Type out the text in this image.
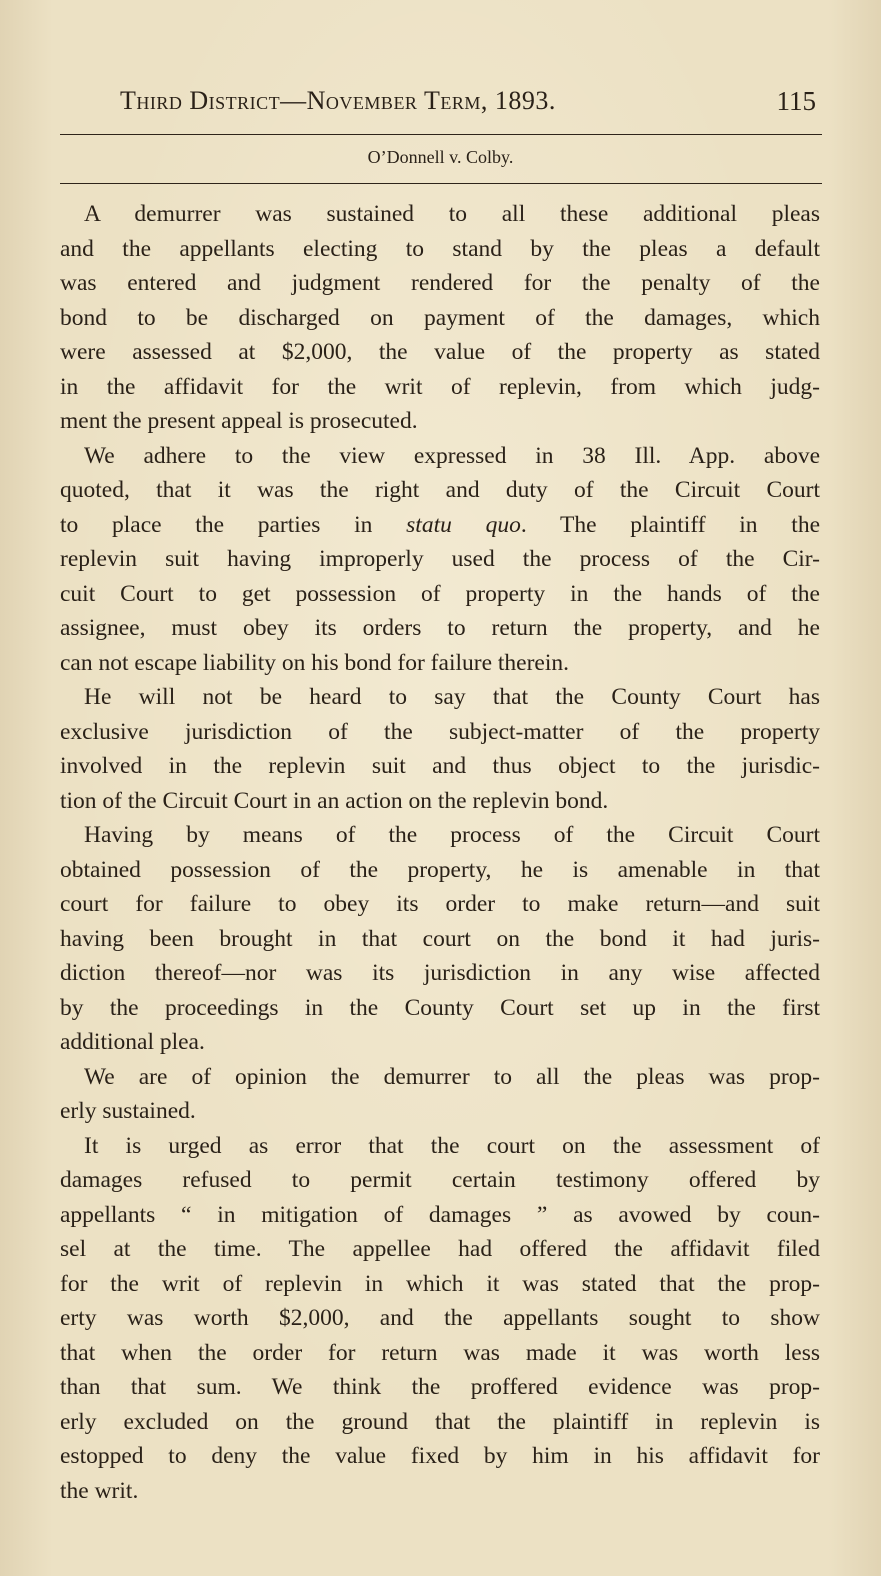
Third District—November Term, 1893.	115
O’Donnell v. Colby.
A demurrer was sustained to all these additional pleas
and the appellants electing to stand by the pleas a default
was entered and judgment rendered for the penalty of the
bond to be discharged on payment of the damages, which
were assessed at $2,000, the value of the property as stated
in the affidavit for the writ of replevin, from which judg-
ment the present appeal is prosecuted.
We adhere to the view expressed in 38 Ill. App. above
quoted, that it was the right and duty of the Circuit Court
to place the parties in statu quo. The plaintiff in the
replevin suit having improperly used the process of the Cir-
cuit Court to get possession of property in the hands of the
assignee, must obey its orders to return the property, and he
can not escape liability on his bond for failure therein.
He will not be heard to say that the County Court has
exclusive jurisdiction of the subject-matter of the property
involved in the replevin suit and thus object to the jurisdic-
tion of the Circuit Court in an action on the replevin bond.
Having by means of the process of the Circuit Court
obtained possession of the property, he is amenable in that
court for failure to obey its order to make return—and suit
having been brought in that court on the bond it had juris-
diction thereof—nor was its jurisdiction in any wise affected
by the proceedings in the County Court set up in the first
additional plea.
We are of opinion the demurrer to all the pleas was prop-
erly sustained.
It is urged as error that the court on the assessment of
damages refused to permit certain testimony offered by
appellants “ in mitigation of damages ” as avowed by coun-
sel at the time. The appellee had offered the affidavit filed
for the writ of replevin in which it was stated that the prop-
erty was worth $2,000, and the appellants sought to show
that when the order for return was made it was worth less
than that sum. We think the proffered evidence was prop-
erly excluded on the ground that the plaintiff in replevin is
estopped to deny the value fixed by him in his affidavit for
the writ.
